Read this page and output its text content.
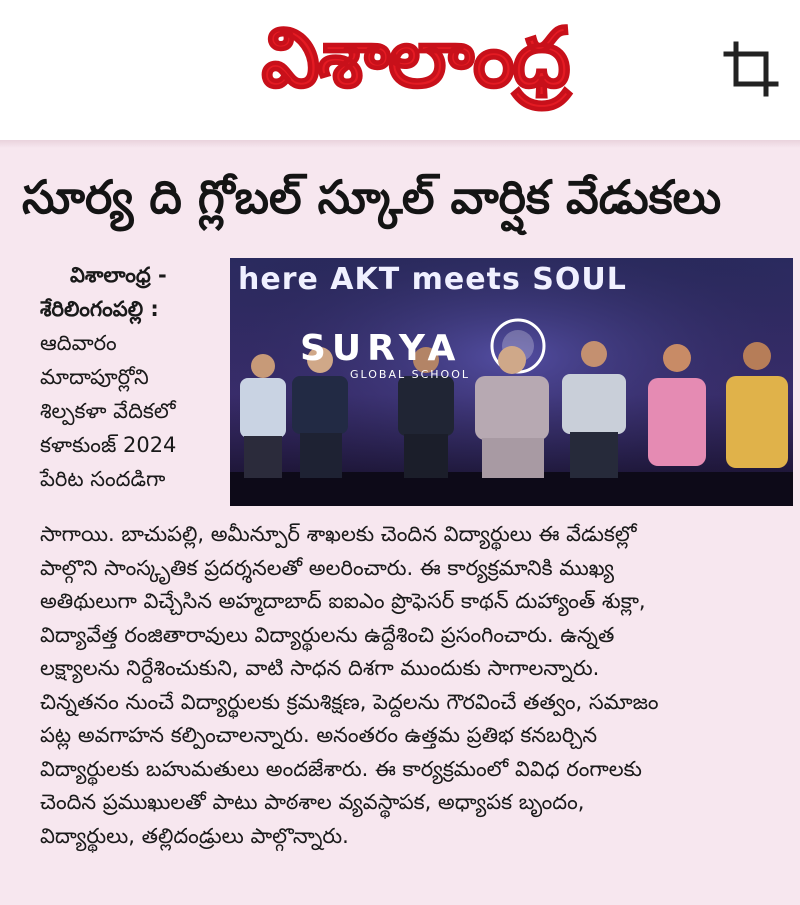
విశాలాంధ్ర
సూర్య ది గ్లోబల్ స్కూల్ వార్షిక వేడుకలు
విశాలాంధ్ర -
శేరిలింగంపల్లి :
ఆదివారం
మాదాపూర్లోని
శిల్పకళా వేదికలో
కళాకుంజ్ 2024
పేరిట సందడిగా
here AKT meets SOUL
SURYA
GLOBAL SCHOOL
సాగాయి. బాచుపల్లి, అమీన్పూర్ శాఖలకు చెందిన విద్యార్థులు ఈ వేడుకల్లో
పాల్గొని సాంస్కృతిక ప్రదర్శనలతో అలరించారు. ఈ కార్యక్రమానికి ముఖ్య
అతిథులుగా విచ్చేసిన అహ్మదాబాద్ ఐఐఎం ప్రొఫెసర్ కాథన్ దుహ్యాంత్ శుక్లా,
విద్యావేత్త రంజితారావులు విద్యార్థులను ఉద్దేశించి ప్రసంగించారు. ఉన్నత
లక్ష్యాలను నిర్దేశించుకుని, వాటి సాధన దిశగా ముందుకు సాగాలన్నారు.
చిన్నతనం నుంచే విద్యార్థులకు క్రమశిక్షణ, పెద్దలను గౌరవించే తత్వం, సమాజం
పట్ల అవగాహన కల్పించాలన్నారు. అనంతరం ఉత్తమ ప్రతిభ కనబర్చిన
విద్యార్థులకు బహుమతులు అందజేశారు. ఈ కార్యక్రమంలో వివిధ రంగాలకు
చెందిన ప్రముఖులతో పాటు పాఠశాల వ్యవస్థాపక, అధ్యాపక బృందం,
విద్యార్థులు, తల్లిదండ్రులు పాల్గొన్నారు.
